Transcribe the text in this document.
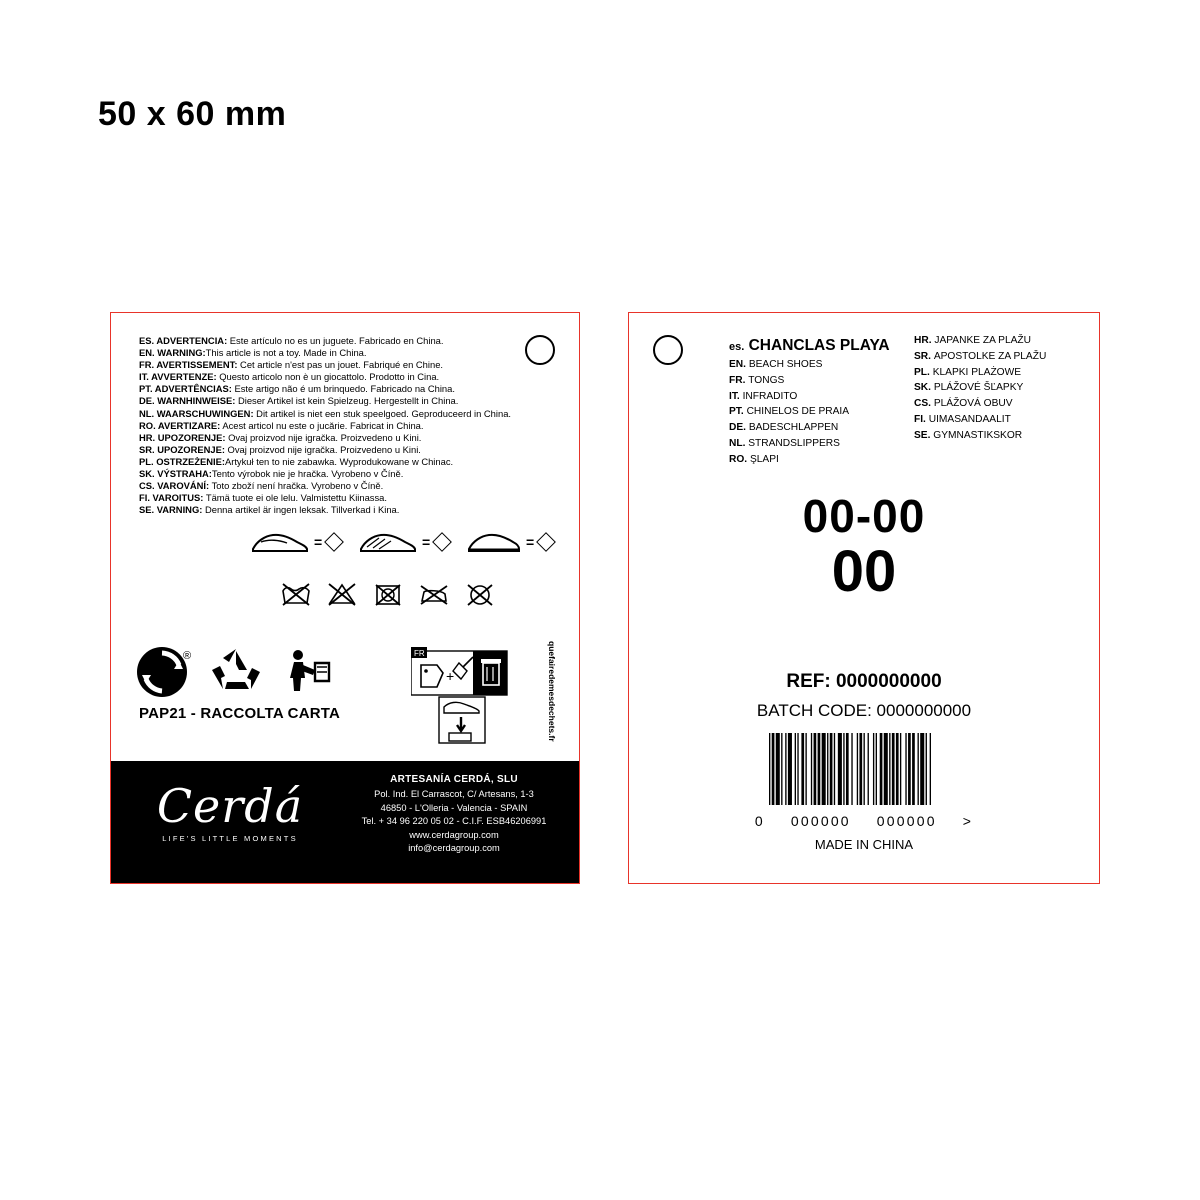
50 x 60 mm
ES. ADVERTENCIA: Este artículo no es un juguete. Fabricado en China.
EN. WARNING:This article is not a toy. Made in China.
FR. AVERTISSEMENT: Cet article n'est pas un jouet. Fabriqué en Chine.
IT. AVVERTENZE: Questo articolo non è un giocattolo. Prodotto in Cina.
PT. ADVERTÊNCIAS: Este artigo não é um brinquedo. Fabricado na China.
DE. WARNHINWEISE: Dieser Artikel ist kein Spielzeug. Hergestellt in China.
NL. WAARSCHUWINGEN: Dit artikel is niet een stuk speelgoed. Geproduceerd in China.
RO. AVERTIZARE: Acest articol nu este o jucărie. Fabricat in China.
HR. UPOZORENJE: Ovaj proizvod nije igračka. Proizvedeno u Kini.
SR. UPOZORENJE: Ovaj proizvod nije igračka. Proizvedeno u Kini.
PL. OSTRZEŻENIE:Artykuł ten to nie zabawka. Wyprodukowane w Chinac.
SK. VÝSTRAHA:Tento výrobok nie je hračka. Vyrobeno v Číně.
CS. VAROVÁNÍ: Toto zboží není hračka. Vyrobeno v Číně.
FI. VAROITUS: Tämä tuote ei ole lelu. Valmistettu Kiinassa.
SE. VARNING: Denna artikel är ingen leksak. Tillverkad i Kina.
=	=	=
®
PAP21 - RACCOLTA CARTA
FR
+	quefairedemesdechets.fr
Cerdá
LIFE'S LITTLE MOMENTS
ARTESANÍA CERDÁ, SLU
Pol. Ind. El Carrascot, C/ Artesans, 1-3
46850 - L'Olleria - Valencia - SPAIN
Tel. + 34 96 220 05 02 - C.I.F. ESB46206991
www.cerdagroup.com
info@cerdagroup.com
es. CHANCLAS PLAYA
EN. BEACH SHOES
FR. TONGS
IT. INFRADITO
PT. CHINELOS DE PRAIA
DE. BADESCHLAPPEN
NL. STRANDSLIPPERS
RO. ŞLAPI
HR. JAPANKE ZA PLAŽU
SR. APOSTOLKE ZA PLAŽU
PL. KLAPKI PLAŻOWE
SK. PLÁŽOVÉ ŠĽAPKY
CS. PLÁŽOVÁ OBUV
FI. UIMASANDAALIT
SE. GYMNASTIKSKOR
00-00
00
REF: 0000000000
BATCH CODE: 0000000000
0 000000 000000 >
MADE IN CHINA
